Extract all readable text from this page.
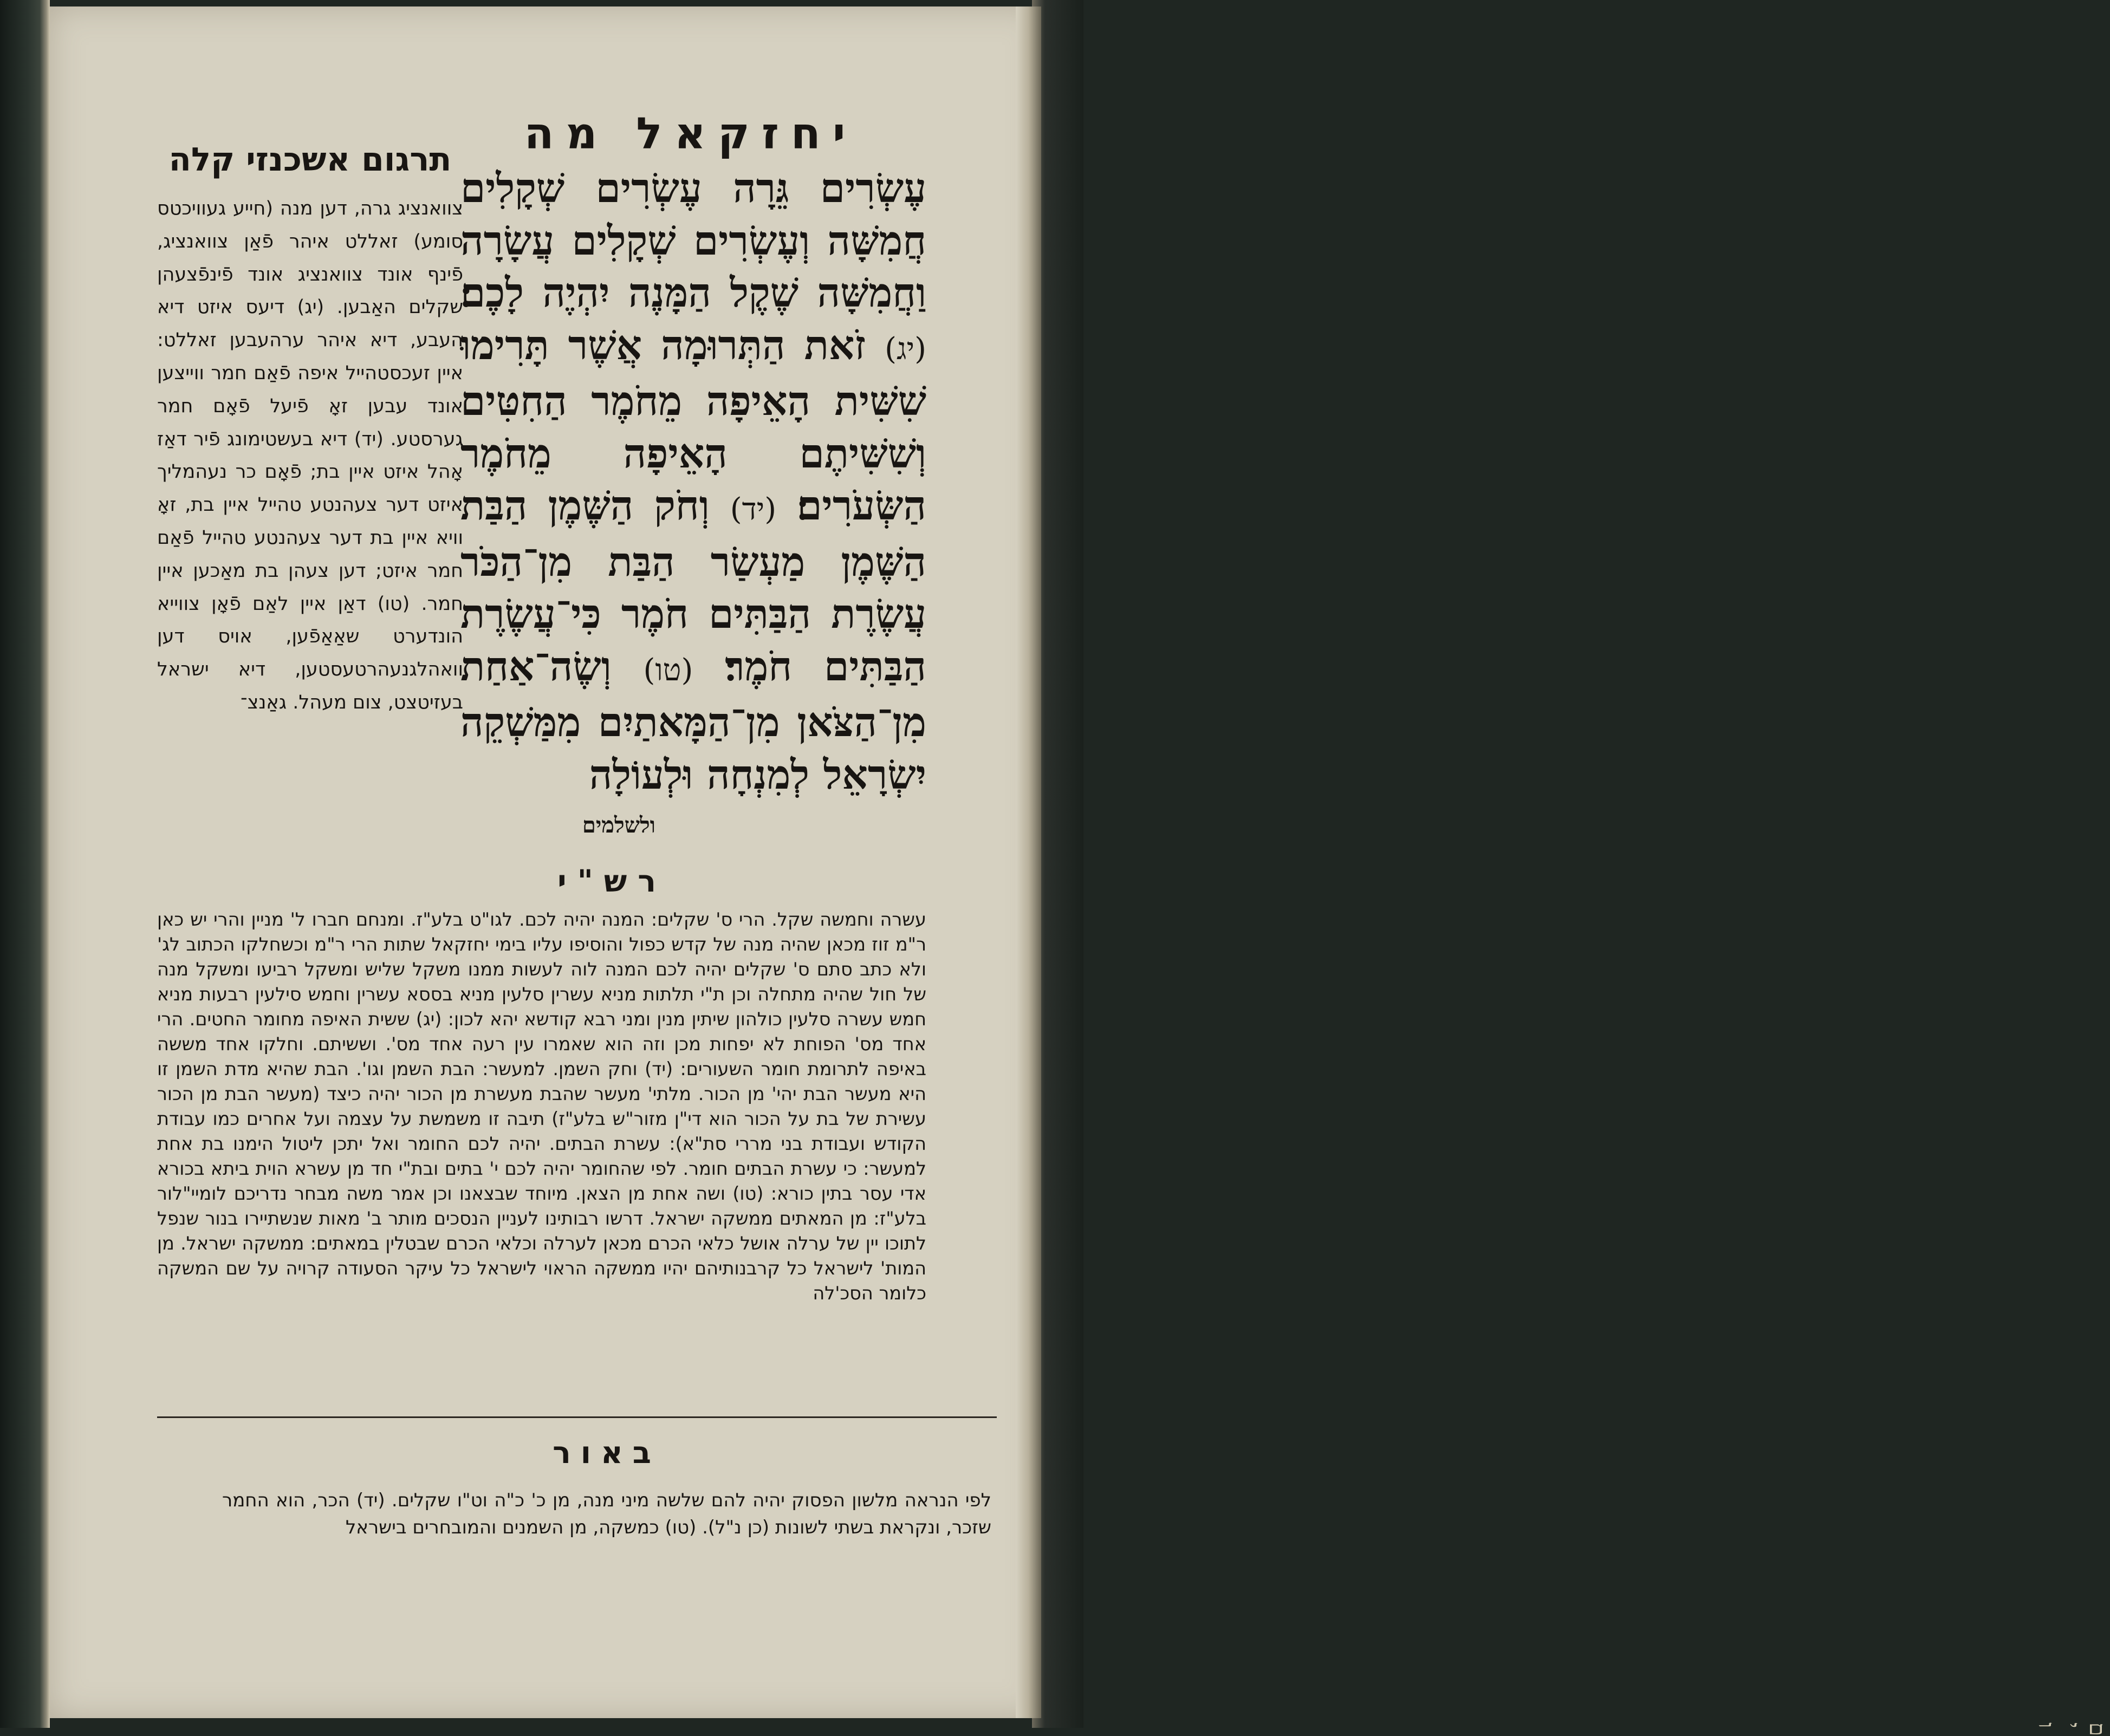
ם י ו
יחזקאל מה
עֶשְׂרִים גֵּרָה עֶשְׂרִים שְׁקָלִים חֲמִשָּׁה וְעֶשְׂרִים שְׁקָלִים עֲשָׂרָה וַחֲמִשָּׁה שֶׁקֶל הַמָּנֶה יִהְיֶה לָכֶם׃ (יג) זֹאת הַתְּרוּמָה אֲשֶׁר תָּרִימוּ שִׁשִּׁית הָאֵיפָה מֵחֹמֶר הַחִטִּים וְשִׁשִּׁיתֶם הָאֵיפָה מֵחֹמֶר הַשְּׂעֹרִים׃ (יד) וְחֹק הַשֶּׁמֶן הַבַּת הַשֶּׁמֶן מַעְשַׂר הַבַּת מִן־הַכֹּר עֲשֶׂרֶת הַבַּתִּים חֹמֶר כִּי־עֲשֶׂרֶת הַבַּתִּים חֹמֶר׃ (טו) וְשֶׂה־אַחַת מִן־הַצֹּאן מִן־הַמָּאתַיִם מִמַּשְׁקֵה יִשְׂרָאֵל לְמִנְחָה וּלְעוֹלָה
ולשלמים
תרגום אשכנזי קלה
צוואנציג גרה, דען מנה (חייע געוויכטס סומע) זאללט איהר פֿאַן צוואנציג, פֿינף אונד צוואנציג אונד פֿינפֿצעהן שקלים האַבען. (יג) דיעס איזט דיא העבע, דיא איהר ערהעבען זאללט: איין זעכסטהייל איפה פֿאַם חמר ווייצען אונד עבען זאָ פֿיעל פֿאָם חמר גערסטע. (יד) דיא בעשטימונג פֿיר דאַז אָהל איזט איין בת; פֿאָם כר נעהמליך איזט דער צעהנטע טהייל איין בת, זאָ וויא איין בת דער צעהנטע טהייל פֿאַם חמר איזט; דען צעהן בת מאַכען איין חמר. (טו) דאַן איין לאַם פֿאָן צווייא הונדערט שאַאַפֿען, אויס דען וואהלגנעהרטעסטען, דיא ישראל בעזיטצט, צום מעהל. גאַנצ־
רש"י
עשרה וחמשה שקל. הרי ס' שקלים: המנה יהיה לכם. לגו"ט בלע"ז. ומנחם חברו ל' מניין והרי יש כאן ר"מ זוז מכאן שהיה מנה של קדש כפול והוסיפו עליו בימי יחזקאל שתות הרי ר"מ וכשחלקו הכתוב לג' ולא כתב סתם ס' שקלים יהיה לכם המנה לוה לעשות ממנו משקל שליש ומשקל רביעו ומשקל מנה של חול שהיה מתחלה וכן ת"י תלתות מניא עשרין סלעין מניא בססא עשרין וחמש סילעין רבעות מניא חמש עשרה סלעין כולהון שיתין מנין ומני רבא קודשא יהא לכון: (יג) ששית האיפה מחומר החטים. הרי אחד מס' הפוחת לא יפחות מכן וזה הוא שאמרו עין רעה אחד מס'. וששיתם. וחלקו אחד מששה באיפה לתרומת חומר השעורים: (יד) וחק השמן. למעשר: הבת השמן וגו'. הבת שהיא מדת השמן זו היא מעשר הבת יהי' מן הכור. מלתי' מעשר שהבת מעשרת מן הכור יהיה כיצד (מעשר הבת מן הכור עשירת של בת על הכור הוא די"ן מזור"ש בלע"ז) תיבה זו משמשת על עצמה ועל אחרים כמו עבודת הקודש ועבודת בני מררי סת"א): עשרת הבתים. יהיה לכם החומר ואל יתכן ליטול הימנו בת אחת למעשר: כי עשרת הבתים חומר. לפי שהחומר יהיה לכם י' בתים ובת"י חד מן עשרא הוית ביתא בכורא אדי עסר בתין כורא: (טו) ושה אחת מן הצאן. מיוחד שבצאנו וכן אמר משה מבחר נדריכם לומיי"לור בלע"ז: מן המאתים ממשקה ישראל. דרשו רבותינו לעניין הנסכים מותר ב' מאות שנשתיירו בנור שנפל לתוכו יין של ערלה אושל כלאי הכרם מכאן לערלה וכלאי הכרם שבטלין במאתים: ממשקה ישראל. מן המות' לישראל כל קרבנותיהם יהיו ממשקה הראוי לישראל כל עיקר הסעודה קרויה על שם המשקה כלומר הסכ'לה
באור
לפי הנראה מלשון הפסוק יהיה להם שלשה מיני מנה, מן כ' כ"ה וט"ו שקלים. (יד) הכר, הוא החמר שזכר, ונקראת בשתי לשונות (כן נ"ל). (טו) כמשקה, מן השמנים והמובחרים בישראל
